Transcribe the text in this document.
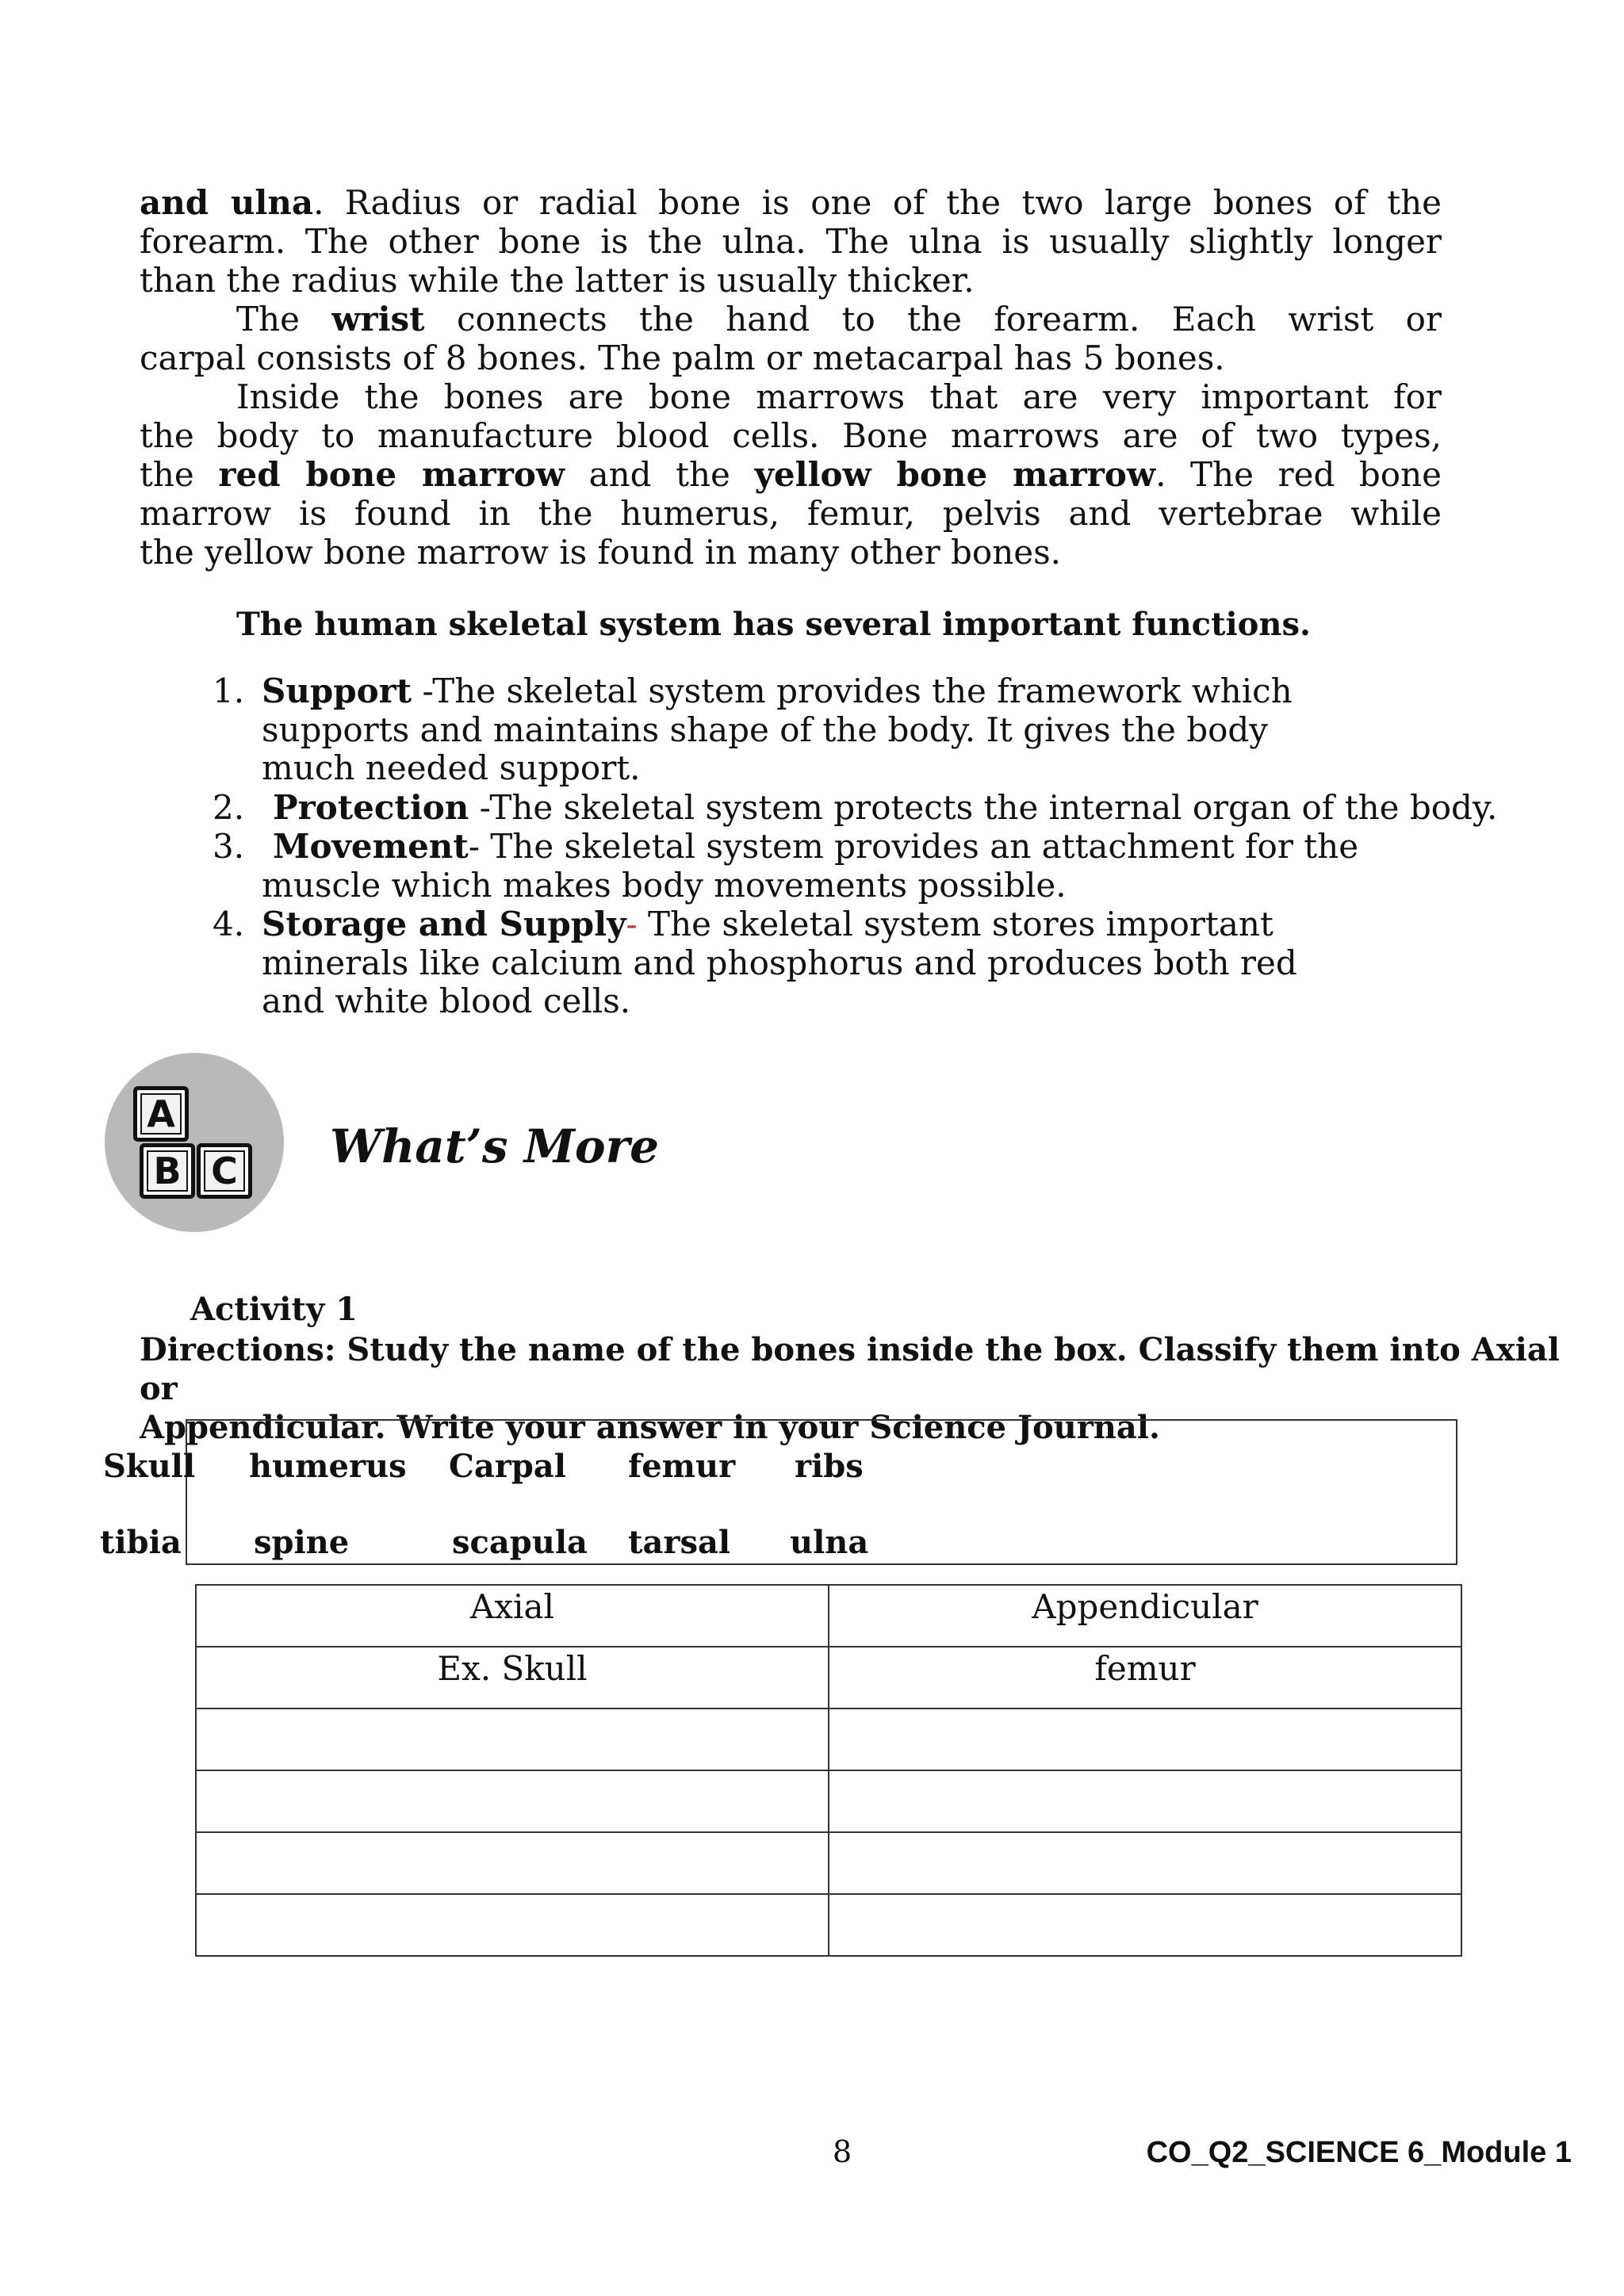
and ulna. Radius or radial bone is one of the two large bones of the

forearm. The other bone is the ulna. The ulna is usually slightly longer

than the radius while the latter is usually thicker.

The wrist connects the hand to the forearm. Each wrist or

carpal consists of 8 bones. The palm or metacarpal has 5 bones.

Inside the bones are bone marrows that are very important for

the body to manufacture blood cells. Bone marrows are of two types,

the red bone marrow and the yellow bone marrow. The red bone

marrow is found in the humerus, femur, pelvis and vertebrae while

the yellow bone marrow is found in many other bones.

The human skeletal system has several important functions.

1. Support -The skeletal system provides the framework which
supports and maintains shape of the body. It gives the body
much needed support.
2. Protection -The skeletal system protects the internal organ of the body.
3. Movement- The skeletal system provides an attachment for the
muscle which makes body movements possible.
4. Storage and Supply- The skeletal system stores important
minerals like calcium and phosphorus and produces both red
and white blood cells.
A
B C	What’s More

Activity 1

Directions: Study the name of the bones inside the box. Classify them into Axial or
Appendicular. Write your answer in your Science Journal.

Skull humerus Carpal femur ribs

tibia spine	scapula tarsal ulna

Axial	Appendicular
Ex. Skull	femur

8	CO_Q2_SCIENCE 6_Module 1
